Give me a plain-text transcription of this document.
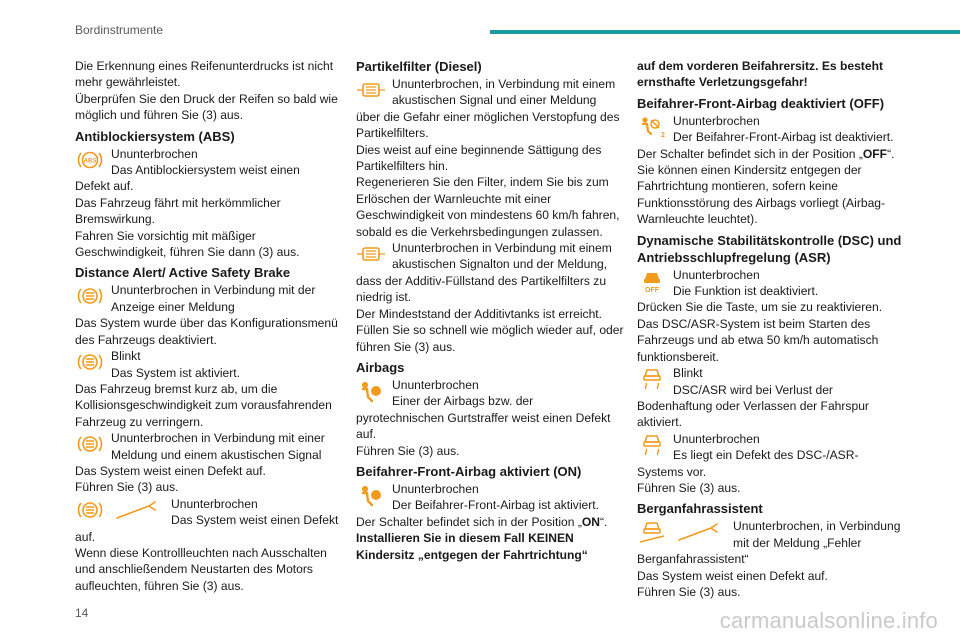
Bordinstrumente

Die Erkennung eines Reifenunterdrucks ist nicht mehr gewährleistet.

Überprüfen Sie den Druck der Reifen so bald wie möglich und führen Sie (3) aus.

Antiblockiersystem (ABS)
ABS

Ununterbrochen

Das Antiblockiersystem weist einen

Defekt auf.

Das Fahrzeug fährt mit herkömmlicher Bremswirkung.

Fahren Sie vorsichtig mit mäßiger Geschwindigkeit, führen Sie dann (3) aus.

Distance Alert/ Active Safety Brake

Ununterbrochen in Verbindung mit der Anzeige einer Meldung

Das System wurde über das Konfigurationsmenü des Fahrzeugs deaktiviert.

Blinkt

Das System ist aktiviert.

Das Fahrzeug bremst kurz ab, um die Kollisionsgeschwindigkeit zum vorausfahrenden Fahrzeug zu verringern.

Ununterbrochen in Verbindung mit einer Meldung und einem akustischen Signal

Das System weist einen Defekt auf.

Führen Sie (3) aus.

Ununterbrochen

Das System weist einen Defekt

auf.

Wenn diese Kontrollleuchten nach Ausschalten und anschließendem Neustarten des Motors aufleuchten, führen Sie (3) aus.

Partikelfilter (Diesel)

Ununterbrochen, in Verbindung mit einem akustischen Signal und einer Meldung

über die Gefahr einer möglichen Verstopfung des Partikelfilters.

Dies weist auf eine beginnende Sättigung des Partikelfilters hin.

Regenerieren Sie den Filter, indem Sie bis zum Erlöschen der Warnleuchte mit einer Geschwindigkeit von mindestens 60 km/h fahren, sobald es die Verkehrsbedingungen zulassen.

Ununterbrochen in Verbindung mit einem akustischen Signalton und der Meldung,

dass der Additiv-Füllstand des Partikelfilters zu niedrig ist.

Der Mindeststand der Additivtanks ist erreicht.

Füllen Sie so schnell wie möglich wieder auf, oder führen Sie (3) aus.

Airbags

Ununterbrochen

Einer der Airbags bzw. der

pyrotechnischen Gurtstraffer weist einen Defekt auf.

Führen Sie (3) aus.

Beifahrer-Front-Airbag aktiviert (ON)

Ununterbrochen

Der Beifahrer-Front-Airbag ist aktiviert.

Der Schalter befindet sich in der Position „ON“.

Installieren Sie in diesem Fall KEINEN Kindersitz „entgegen der Fahrtrichtung“

auf dem vorderen Beifahrersitz. Es besteht ernsthafte Verletzungsgefahr!

Beifahrer-Front-Airbag deaktiviert (OFF)
2

Ununterbrochen

Der Beifahrer-Front-Airbag ist deaktiviert.

Der Schalter befindet sich in der Position „OFF“.

Sie können einen Kindersitz entgegen der Fahrtrichtung montieren, sofern keine Funktionsstörung des Airbags vorliegt (Airbag-Warnleuchte leuchtet).

Dynamische Stabilitätskontrolle (DSC) und Antriebsschlupfregelung (ASR)
OFF

Ununterbrochen

Die Funktion ist deaktiviert.

Drücken Sie die Taste, um sie zu reaktivieren.

Das DSC/ASR-System ist beim Starten des Fahrzeugs und ab etwa 50 km/h automatisch funktionsbereit.

Blinkt

DSC/ASR wird bei Verlust der

Bodenhaftung oder Verlassen der Fahrspur aktiviert.

Ununterbrochen

Es liegt ein Defekt des DSC-/ASR-

Systems vor.

Führen Sie (3) aus.

Berganfahrassistent

Ununterbrochen, in Verbindung mit der Meldung „Fehler

Berganfahrassistent“

Das System weist einen Defekt auf.

Führen Sie (3) aus.

14	carmanualsonline.info
